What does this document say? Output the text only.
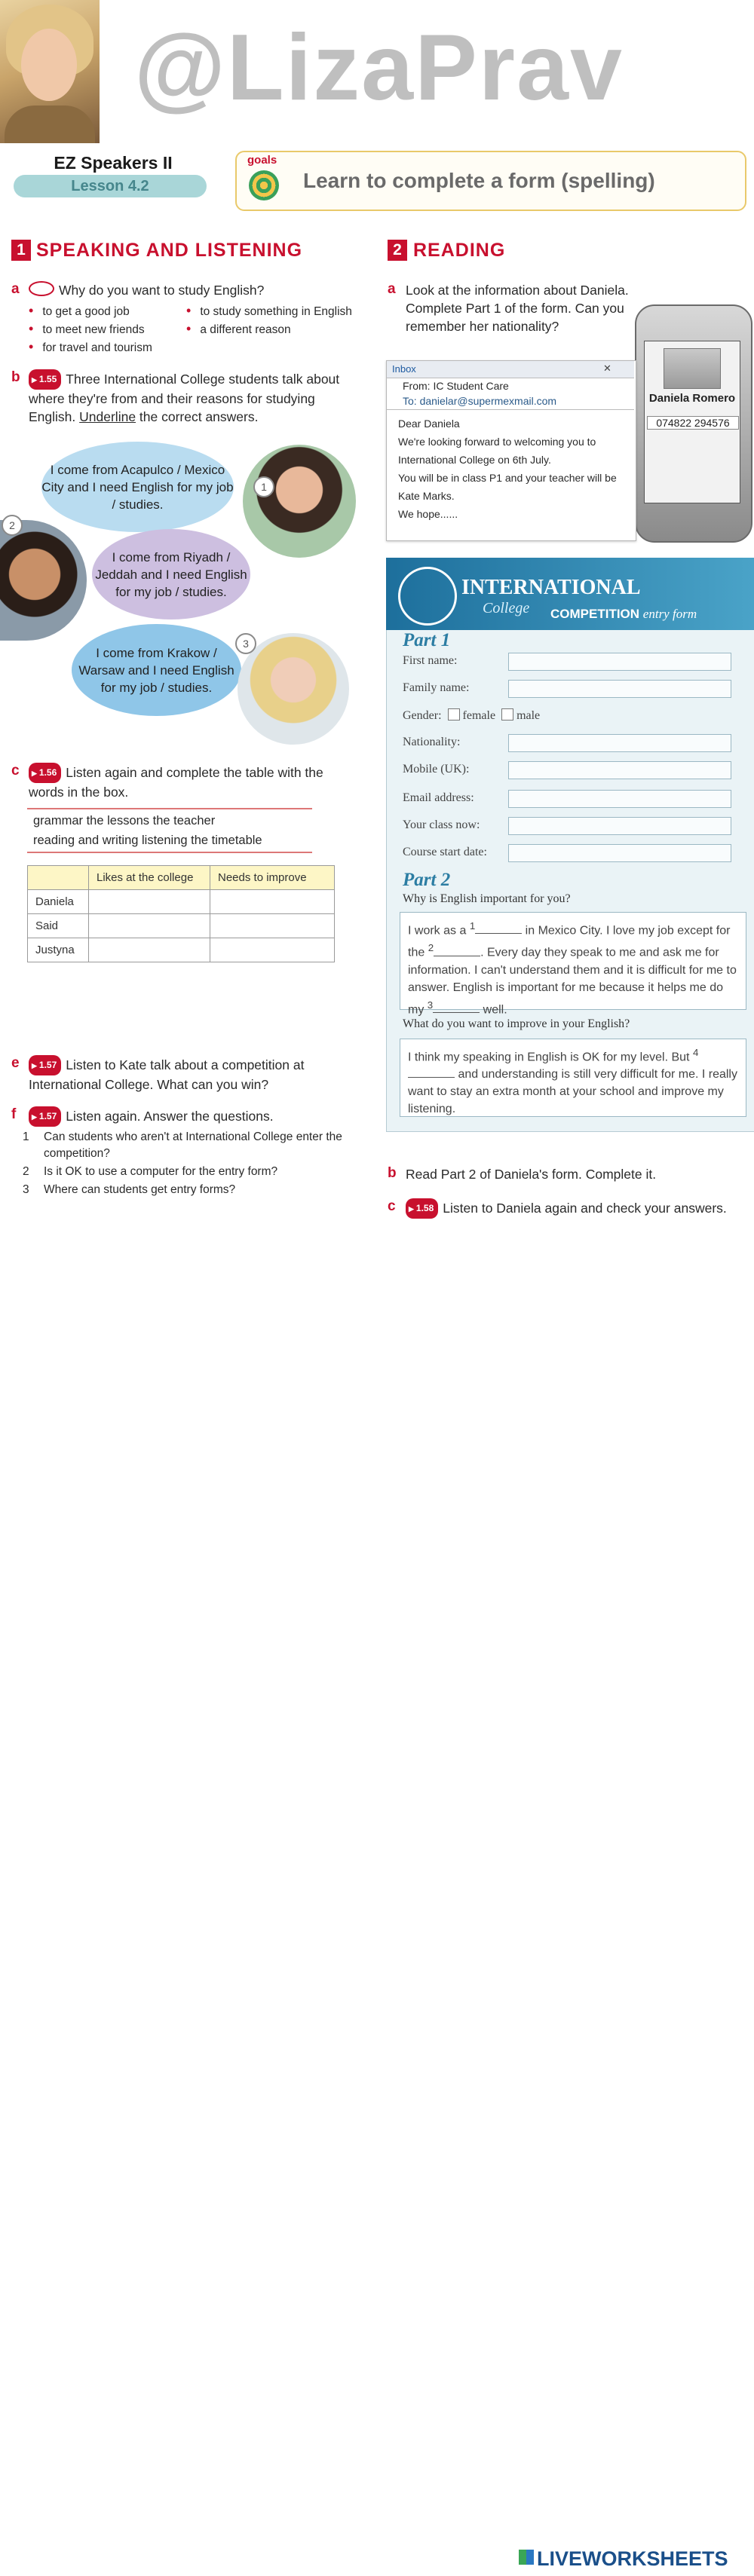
@LizaPrav
EZ Speakers II
Lesson 4.2
goals
Learn to complete a form (spelling)
1 SPEAKING AND LISTENING
a	Why do you want to study English?
• to get a good job	• to study something in English
• to meet new friends	• a different reason
• for travel and tourism
b	▶ 1.55 Three International College students talk about where they're from and their reasons for studying English. Underline the correct answers.
I come from Acapulco / Mexico City and I need English for my job / studies.
1
2
I come from Riyadh / Jeddah and I need English for my job / studies.
I come from Krakow / Warsaw and I need English for my job / studies.
3
c	▶ 1.56 Listen again and complete the table with the words in the box.
grammar the lessons the teacher
reading and writing listening the timetable
	Likes at the college	Needs to improve
Daniela		
Said		
Justyna		
e	▶ 1.57 Listen to Kate talk about a competition at International College. What can you win?
f	▶ 1.57 Listen again. Answer the questions.
1 Can students who aren't at International College enter the competition?
2 Is it OK to use a computer for the entry form?
3 Where can students get entry forms?
2 READING
a Look at the information about Daniela. Complete Part 1 of the form. Can you remember her nationality?
Daniela Romero
074822 294576
Inbox	✕
From: IC Student Care
To: danielar@supermexmail.com
Dear Daniela
We're looking forward to welcoming you to
International College on 6th July.
You will be in class P1 and your teacher will be
Kate Marks.
We hope......
INTERNATIONAL
College COMPETITION entry form
Part 1
First name:
Family name:
Gender: female male
Nationality:
Mobile (UK):
Email address:
Your class now:
Course start date:
Part 2
Why is English important for you?
I work as a $^1$	in Mexico City. I love my job except for the $^2$	. Every day they speak to me and ask me for information. I can't understand them and it is difficult for me to answer. English is important for me because it helps me do my $^3$	well.
What do you want to improve in your English?
I think my speaking in English is OK for my level. But $^4$ and understanding is still very difficult for me. I really want to stay an extra month at your school and improve my listening.
b Read Part 2 of Daniela's form. Complete it.
c	▶ 1.58 Listen to Daniela again and check your answers.
LIVEWORKSHEETS
